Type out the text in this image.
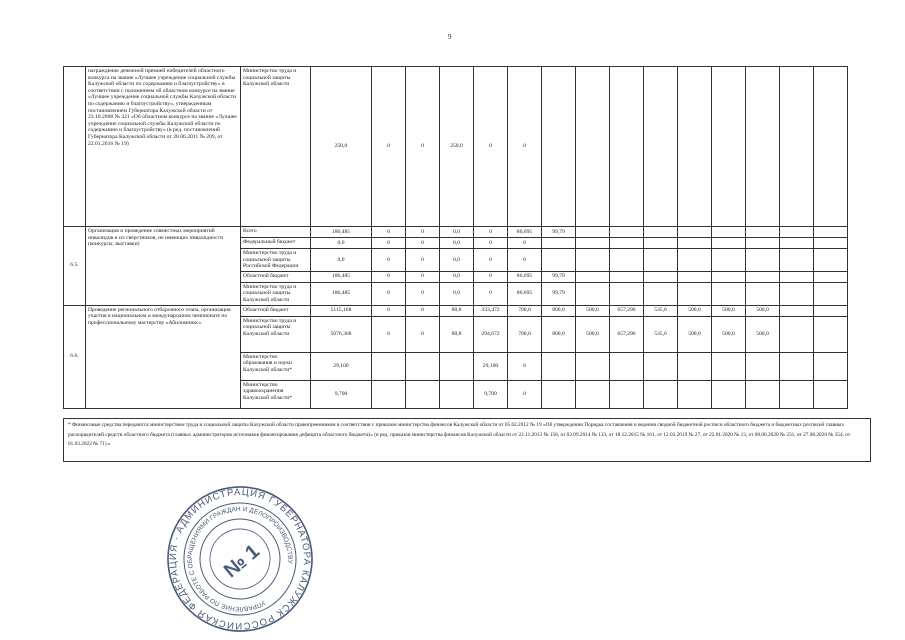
9
	награждение денежной премией победителей областного конкурса на звание «Лучшее учреждение социальной службы Калужской области по содержанию и благоустройству» в соответствии с положением об областном конкурсе на звание «Лучшее учреждение социальной службы Калужской области по содержанию и благоустройству», утвержденным постановлением Губернатора Калужской области от 23.10.2008 № 321 «Об областном конкурсе на звание «Лучшее учреждение социальной службы Калужской области по содержанию и благоустройству» (в ред. постановлений Губернатора Калужской области от 28.06.2011 № 209, от 22.01.2016 № 19)	Министерство труда и социальной защиты Калужской области	250,0	0	0	250,0	0	0									
6.5.	Организация и проведение совместных мероприятий инвалидов и их сверстников, не имеющих инвалидности (конкурсы, выставки)	Всего	186,485	0	0	0,0	0	86,695	99,79								
		Федеральный бюджет	0,0	0	0	0,0	0	0									
		Министерство труда и социальной защиты Российской Федерации	0,0	0	0	0,0	0	0									
		Областной бюджет	186,485	0	0	0,0	0	86,695	99,79								
		Министерство труда и социальной защиты Калужской области	186,485	0	0	0,0	0	86,695	99,79								
6.6.	Проведение регионального отборочного этапа, организация участия в национальном и международном чемпионате по профессиональному мастерству «Абилимпикс»	Областной бюджет	5115,168	0	0	88,8	333,472	700,0	800,0	500,0	657,296	535,6	500,0	500,0	500,0		
		Министерство труда и социальной защиты Калужской области	5076,368	0	0	88,8	294,672	700,0	800,0	500,0	657,296	535,6	500,0	500,0	500,0		
		Министерство образования и науки Калужской области*	29,100				29,100	0									
		Министерство здравоохранения Калужской области*	9,700				9,700	0									
* Финансовые средства передаются министерством труда и социальной защиты Калужской области правопреемником в соответствии с приказом министерства финансов Калужской области от 05.02.2012 № 19 «Об утверждении Порядка составления и ведения сводной бюджетной росписи областного бюджета и бюджетных росписей главных распорядителей средств областного бюджета (главных администраторов источников финансирования дефицита областного бюджета)» (в ред. приказов министерства финансов Калужской области от 22.11.2013 № 158, от 02.09.2014 № 133, от 18.12.2015 № 161, от 12.03.2019 № 27, от 22.01.2020 № 13, от 08.06.2020 № 231, от 27.08.2020 № 354, от 01.03.2022 № 71).»
РОССИЙСКАЯ ФЕДЕРАЦИЯ · АДМИНИСТРАЦИЯ ГУБЕРНАТОРА КАЛУЖСКОЙ
УПРАВЛЕНИЕ ПО РАБОТЕ С ОБРАЩЕНИЯМИ ГРАЖДАН И ДЕЛОПРОИЗВОДСТВУ
№ 1
